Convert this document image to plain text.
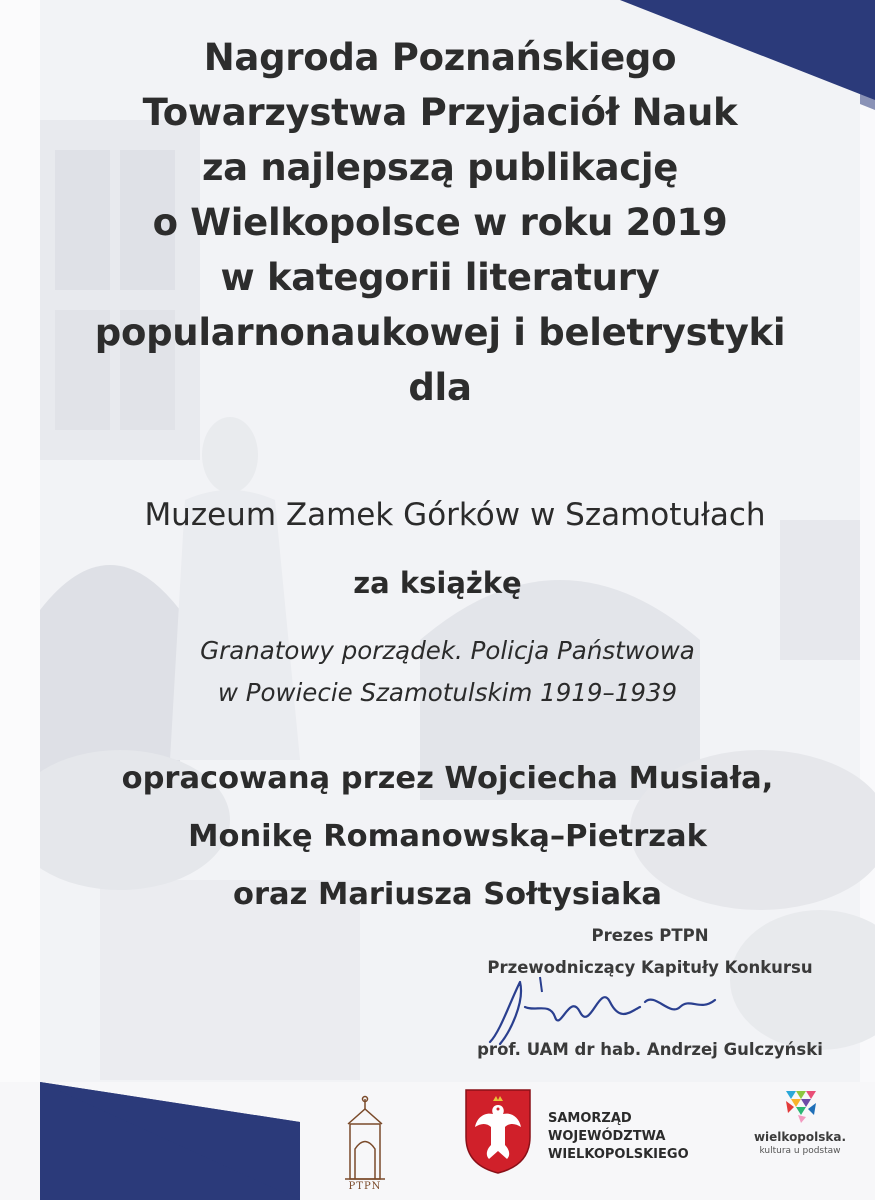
Nagroda Poznańskiego
Towarzystwa Przyjaciół Nauk
za najlepszą publikację
o Wielkopolsce w roku 2019
w kategorii literatury
popularnonaukowej i beletrystyki
dla
Muzeum Zamek Górków w Szamotułach
za książkę
Granatowy porządek. Policja Państwowa
w Powiecie Szamotulskim 1919–1939
opracowaną przez Wojciecha Musiała,
Monikę Romanowską–Pietrzak
oraz Mariusza Sołtysiaka
Prezes PTPN
Przewodniczący Kapituły Konkursu
prof. UAM dr hab. Andrzej Gulczyński
PTPN
SAMORZĄD WOJEWÓDZTWA
WIELKOPOLSKIEGO
wielkopolska.
kultura u podstaw
